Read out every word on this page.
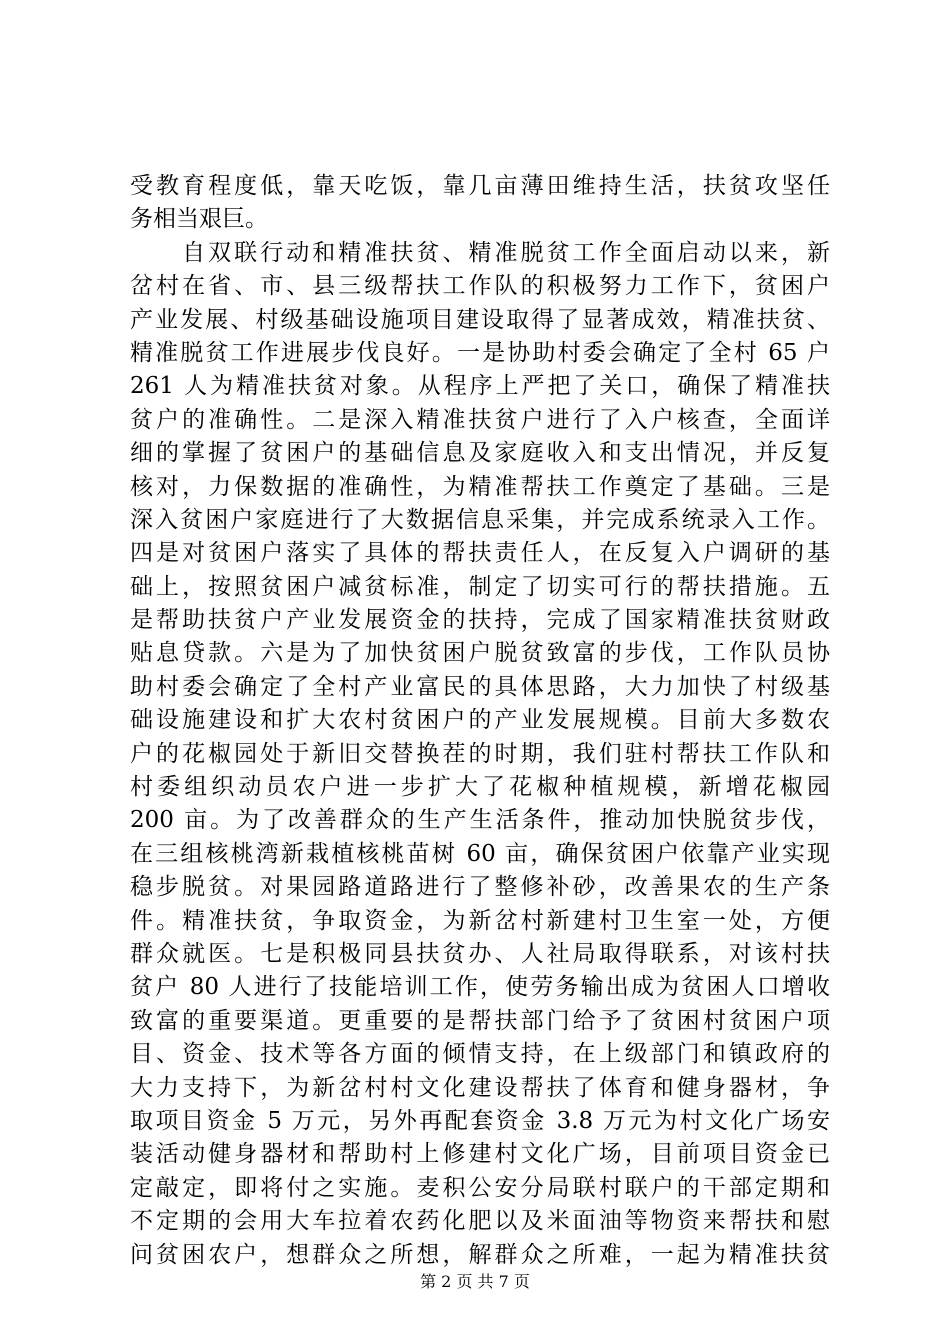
受教育程度低，靠天吃饭，靠几亩薄田维持生活，扶贫攻坚任
务相当艰巨。
　　自双联行动和精准扶贫、精准脱贫工作全面启动以来，新
岔村在省、市、县三级帮扶工作队的积极努力工作下，贫困户
产业发展、村级基础设施项目建设取得了显著成效，精准扶贫、
精准脱贫工作进展步伐良好。一是协助村委会确定了全村 65 户
261 人为精准扶贫对象。从程序上严把了关口，确保了精准扶
贫户的准确性。二是深入精准扶贫户进行了入户核查，全面详
细的掌握了贫困户的基础信息及家庭收入和支出情况，并反复
核对，力保数据的准确性，为精准帮扶工作奠定了基础。三是
深入贫困户家庭进行了大数据信息采集，并完成系统录入工作。
四是对贫困户落实了具体的帮扶责任人，在反复入户调研的基
础上，按照贫困户减贫标准，制定了切实可行的帮扶措施。五
是帮助扶贫户产业发展资金的扶持，完成了国家精准扶贫财政
贴息贷款。六是为了加快贫困户脱贫致富的步伐，工作队员协
助村委会确定了全村产业富民的具体思路，大力加快了村级基
础设施建设和扩大农村贫困户的产业发展规模。目前大多数农
户的花椒园处于新旧交替换茬的时期，我们驻村帮扶工作队和
村委组织动员农户进一步扩大了花椒种植规模，新增花椒园
200 亩。为了改善群众的生产生活条件，推动加快脱贫步伐，
在三组核桃湾新栽植核桃苗树 60 亩，确保贫困户依靠产业实现
稳步脱贫。对果园路道路进行了整修补砂，改善果农的生产条
件。精准扶贫，争取资金，为新岔村新建村卫生室一处，方便
群众就医。七是积极同县扶贫办、人社局取得联系，对该村扶
贫户 80 人进行了技能培训工作，使劳务输出成为贫困人口增收
致富的重要渠道。更重要的是帮扶部门给予了贫困村贫困户项
目、资金、技术等各方面的倾情支持，在上级部门和镇政府的
大力支持下，为新岔村村文化建设帮扶了体育和健身器材，争
取项目资金 5 万元，另外再配套资金 3.8 万元为村文化广场安
装活动健身器材和帮助村上修建村文化广场，目前项目资金已
定敲定，即将付之实施。麦积公安分局联村联户的干部定期和
不定期的会用大车拉着农药化肥以及米面油等物资来帮扶和慰
问贫困农户，想群众之所想，解群众之所难，一起为精准扶贫
第 2 页 共 7 页
